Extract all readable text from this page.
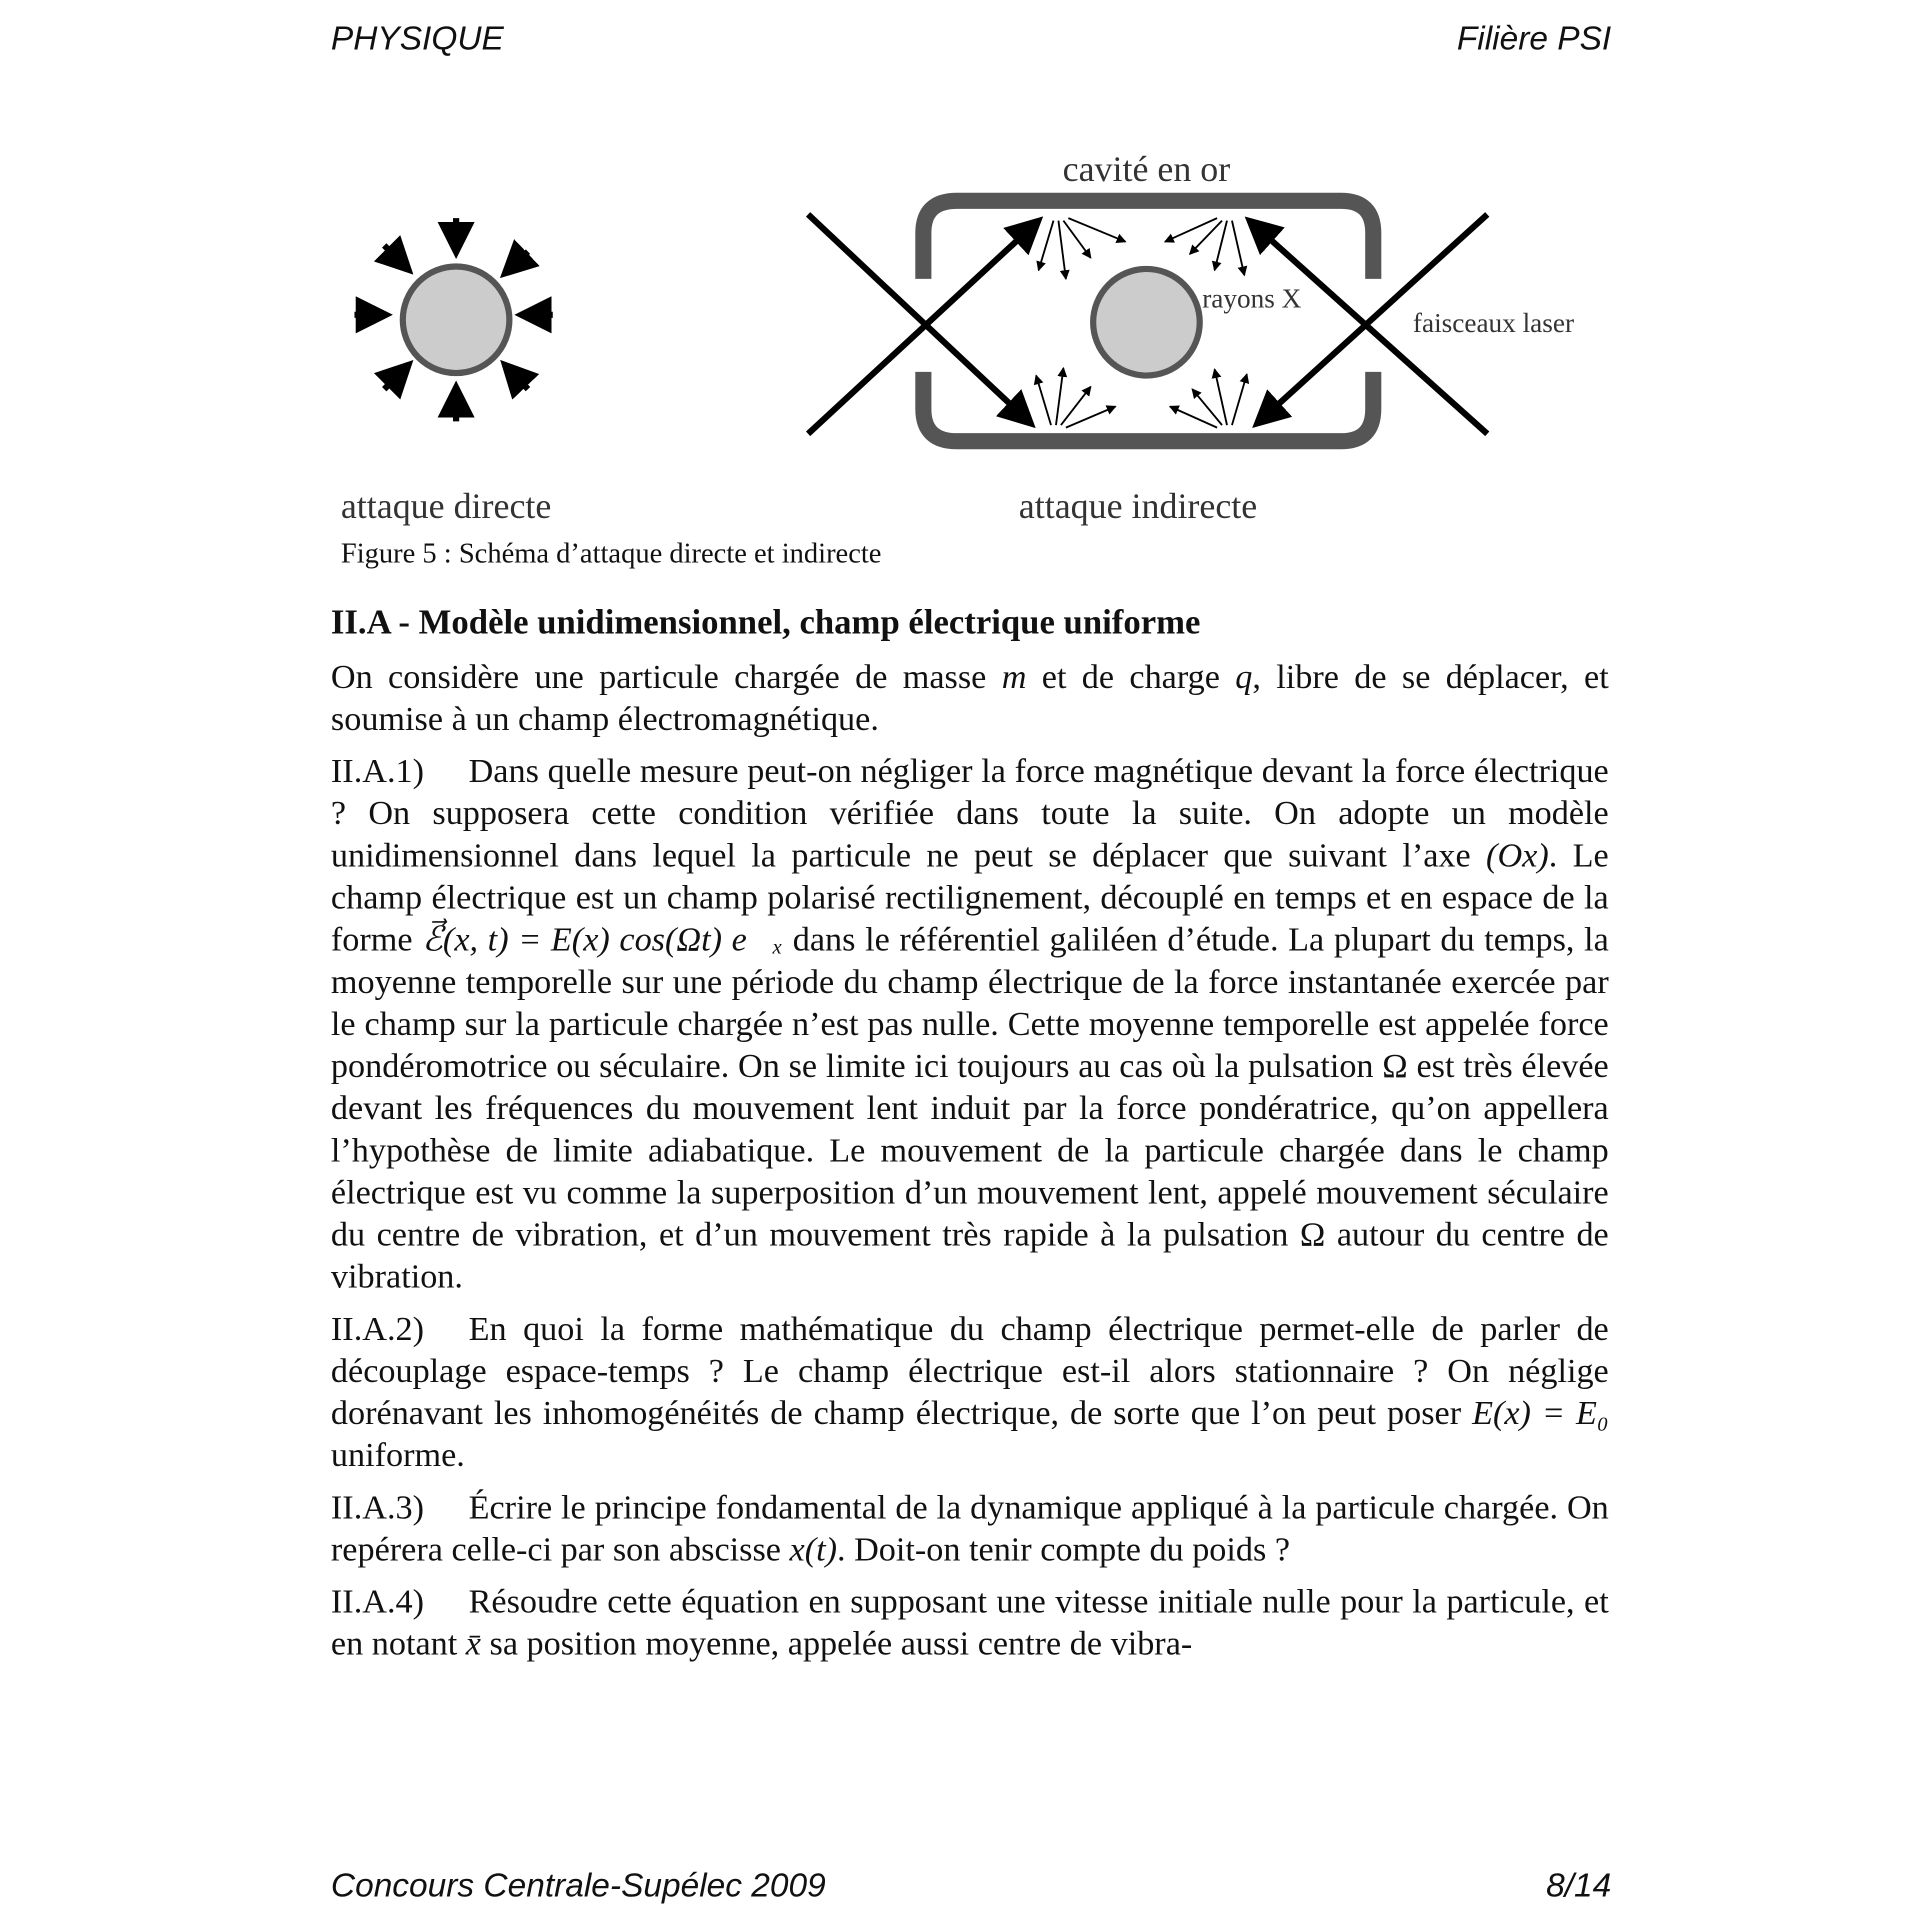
PHYSIQUE	Filière PSI
cavité en or
rayons X
faisceaux laser
attaque directe	attaque indirecte
Figure 5 : Schéma d’attaque directe et indirecte
II.A - Modèle unidimensionnel, champ électrique uniforme

On considère une particule chargée de masse m et de charge q, libre de se déplacer, et soumise à un champ électromagnétique.

II.A.1) Dans quelle mesure peut-on négliger la force magnétique devant la force électrique ? On supposera cette condition vérifiée dans toute la suite. On adopte un modèle unidimensionnel dans lequel la particule ne peut se déplacer que suivant l’axe (Ox). Le champ électrique est un champ polarisé rectilignement, découplé en temps et en espace de la forme ℰ⃗(x, t) = E(x) cos(Ωt) e⃗ₓ dans le référentiel galiléen d’étude. La plupart du temps, la moyenne temporelle sur une période du champ électrique de la force instantanée exercée par le champ sur la particule chargée n’est pas nulle. Cette moyenne temporelle est appelée force pondéromotrice ou séculaire. On se limite ici toujours au cas où la pulsation Ω est très élevée devant les fréquences du mouvement lent induit par la force pondératrice, qu’on appellera l’hypothèse de limite adiabatique. Le mouvement de la particule chargée dans le champ électrique est vu comme la superposition d’un mouvement lent, appelé mouvement séculaire du centre de vibration, et d’un mouvement très rapide à la pulsation Ω autour du centre de vibration.

II.A.2) En quoi la forme mathématique du champ électrique permet-elle de parler de découplage espace-temps ? Le champ électrique est-il alors stationnaire ? On néglige dorénavant les inhomogénéités de champ électrique, de sorte que l’on peut poser E(x) = E₀ uniforme.

II.A.3) Écrire le principe fondamental de la dynamique appliqué à la particule chargée. On repérera celle-ci par son abscisse x(t). Doit-on tenir compte du poids ?

II.A.4) Résoudre cette équation en supposant une vitesse initiale nulle pour la particule, et en notant x̄ sa position moyenne, appelée aussi centre de vibra-

Concours Centrale-Supélec 2009	8/14
